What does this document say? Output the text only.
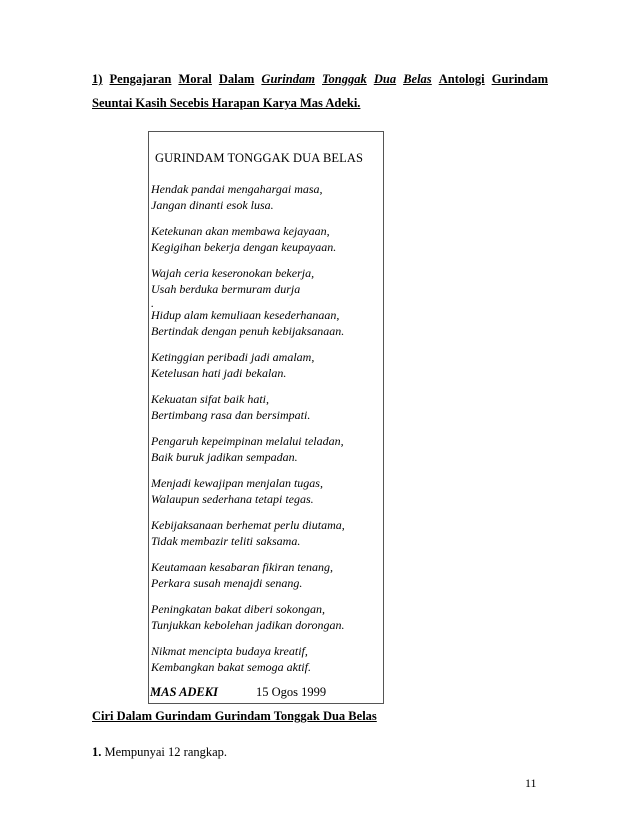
1) Pengajaran Moral Dalam Gurindam Tonggak Dua Belas Antologi Gurindam

Seuntai Kasih Secebis Harapan Karya Mas Adeki.

GURINDAM TONGGAK DUA BELAS

Hendak pandai mengahargai masa,
Jangan dinanti esok lusa.
Ketekunan akan membawa kejayaan,
Kegigihan bekerja dengan keupayaan.
Wajah ceria keseronokan bekerja,
Usah berduka bermuram durja
.
Hidup alam kemuliaan kesederhanaan,
Bertindak dengan penuh kebijaksanaan.
Ketinggian peribadi jadi amalam,
Ketelusan hati jadi bekalan.
Kekuatan sifat baik hati,
Bertimbang rasa dan bersimpati.
Pengaruh kepeimpinan melalui teladan,
Baik buruk jadikan sempadan.
Menjadi kewajipan menjalan tugas,
Walaupun sederhana tetapi tegas.
Kebijaksanaan berhemat perlu diutama,
Tidak membazir teliti saksama.
Keutamaan kesabaran fikiran tenang,
Perkara susah menajdi senang.
Peningkatan bakat diberi sokongan,
Tunjukkan kebolehan jadikan dorongan.
Nikmat mencipta budaya kreatif,
Kembangkan bakat semoga aktif.
MAS ADEKI	15 Ogos 1999

Ciri Dalam Gurindam Gurindam Tonggak Dua Belas

1. Mempunyai 12 rangkap.

11
